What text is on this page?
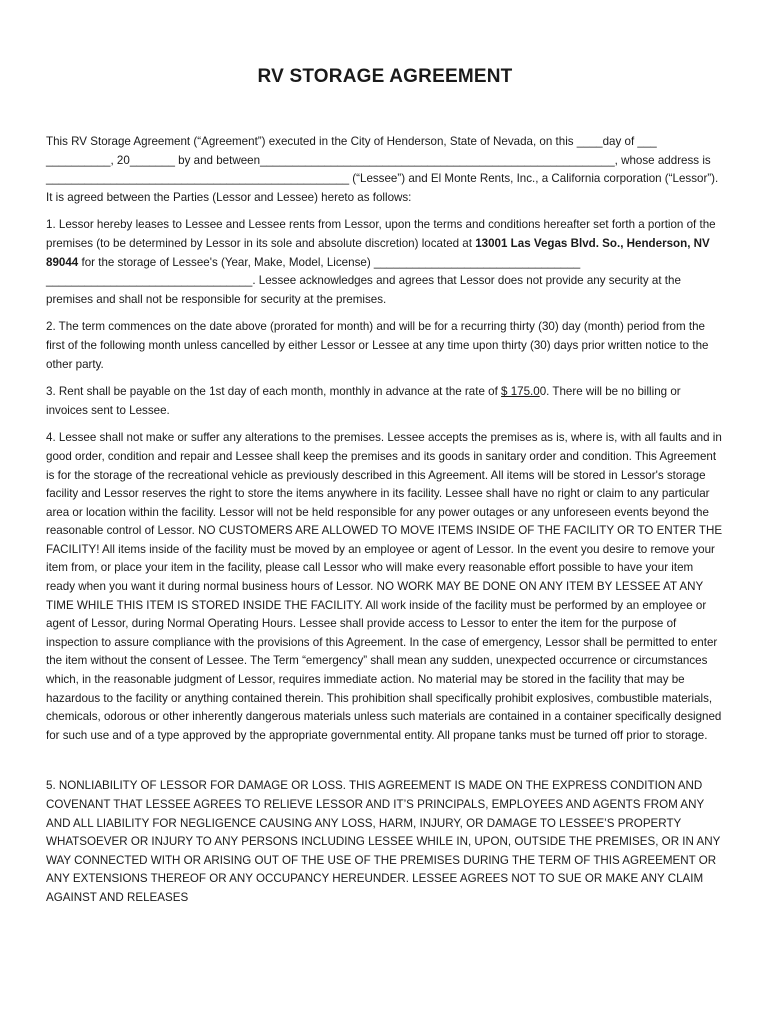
RV STORAGE AGREEMENT

This RV Storage Agreement (“Agreement”) executed in the City of Henderson, State of Nevada, on this ____day of ___ __________, 20_______ by and between_______________________________________________________, whose address is _______________________________________________ (“Lessee”) and El Monte Rents, Inc., a California corporation (“Lessor”). It is agreed between the Parties (Lessor and Lessee) hereto as follows:

1. Lessor hereby leases to Lessee and Lessee rents from Lessor, upon the terms and conditions hereafter set forth a portion of the premises (to be determined by Lessor in its sole and absolute discretion) located at 13001 Las Vegas Blvd. So., Henderson, NV 89044 for the storage of Lessee's (Year, Make, Model, License) ________________________________ ________________________________. Lessee acknowledges and agrees that Lessor does not provide any security at the premises and shall not be responsible for security at the premises.

2. The term commences on the date above (prorated for month) and will be for a recurring thirty (30) day (month) period from the first of the following month unless cancelled by either Lessor or Lessee at any time upon thirty (30) days prior written notice to the other party.

3. Rent shall be payable on the 1st day of each month, monthly in advance at the rate of $ 175.00. There will be no billing or invoices sent to Lessee.

4. Lessee shall not make or suffer any alterations to the premises. Lessee accepts the premises as is, where is, with all faults and in good order, condition and repair and Lessee shall keep the premises and its goods in sanitary order and condition. This Agreement is for the storage of the recreational vehicle as previously described in this Agreement. All items will be stored in Lessor's storage facility and Lessor reserves the right to store the items anywhere in its facility. Lessee shall have no right or claim to any particular area or location within the facility. Lessor will not be held responsible for any power outages or any unforeseen events beyond the reasonable control of Lessor. NO CUSTOMERS ARE ALLOWED TO MOVE ITEMS INSIDE OF THE FACILITY OR TO ENTER THE FACILITY! All items inside of the facility must be moved by an employee or agent of Lessor. In the event you desire to remove your item from, or place your item in the facility, please call Lessor who will make every reasonable effort possible to have your item ready when you want it during normal business hours of Lessor. NO WORK MAY BE DONE ON ANY ITEM BY LESSEE AT ANY TIME WHILE THIS ITEM IS STORED INSIDE THE FACILITY. All work inside of the facility must be performed by an employee or agent of Lessor, during Normal Operating Hours. Lessee shall provide access to Lessor to enter the item for the purpose of inspection to assure compliance with the provisions of this Agreement. In the case of emergency, Lessor shall be permitted to enter the item without the consent of Lessee. The Term “emergency” shall mean any sudden, unexpected occurrence or circumstances which, in the reasonable judgment of Lessor, requires immediate action. No material may be stored in the facility that may be hazardous to the facility or anything contained therein. This prohibition shall specifically prohibit explosives, combustible materials, chemicals, odorous or other inherently dangerous materials unless such materials are contained in a container specifically designed for such use and of a type approved by the appropriate governmental entity. All propane tanks must be turned off prior to storage.

5. NONLIABILITY OF LESSOR FOR DAMAGE OR LOSS. THIS AGREEMENT IS MADE ON THE EXPRESS CONDITION AND COVENANT THAT LESSEE AGREES TO RELIEVE LESSOR AND IT’S PRINCIPALS, EMPLOYEES AND AGENTS FROM ANY AND ALL LIABILITY FOR NEGLIGENCE CAUSING ANY LOSS, HARM, INJURY, OR DAMAGE TO LESSEE’S PROPERTY WHATSOEVER OR INJURY TO ANY PERSONS INCLUDING LESSEE WHILE IN, UPON, OUTSIDE THE PREMISES, OR IN ANY WAY CONNECTED WITH OR ARISING OUT OF THE USE OF THE PREMISES DURING THE TERM OF THIS AGREEMENT OR ANY EXTENSIONS THEREOF OR ANY OCCUPANCY HEREUNDER. LESSEE AGREES NOT TO SUE OR MAKE ANY CLAIM AGAINST AND RELEASES
